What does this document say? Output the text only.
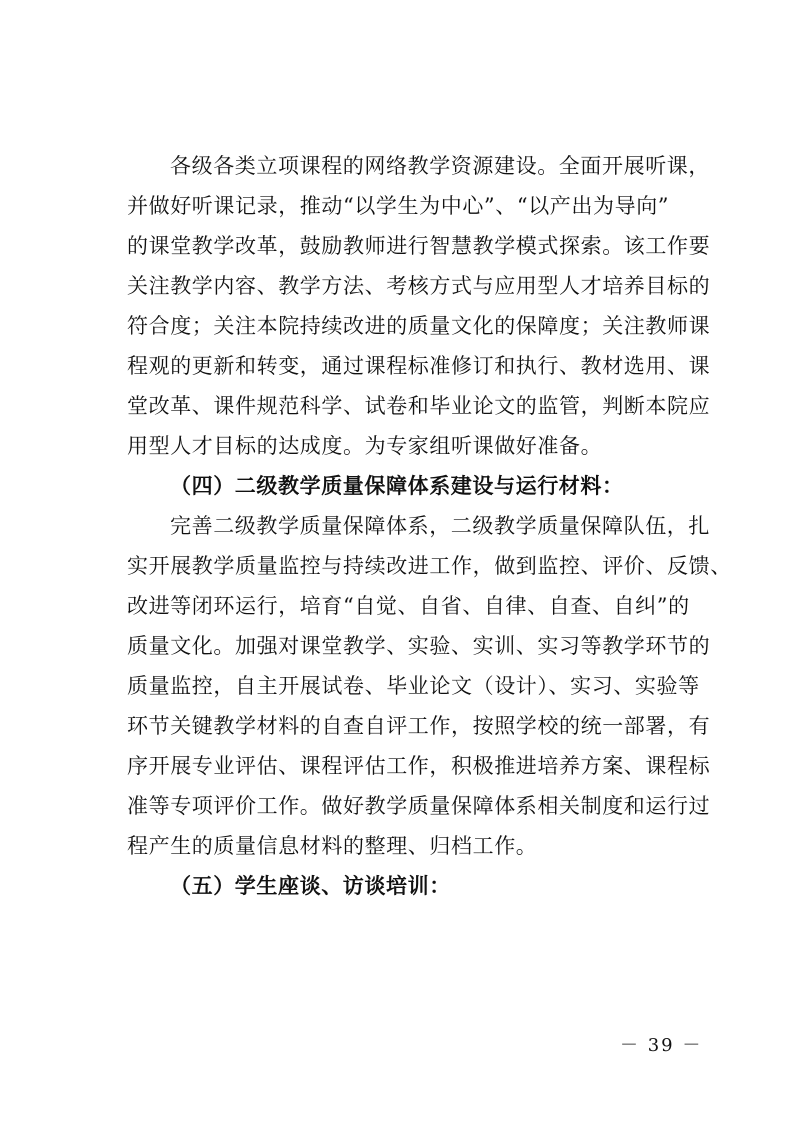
各级各类立项课程的网络教学资源建设。全面开展听课，
并做好听课记录，推动“以学生为中心”、“以产出为导向”
的课堂教学改革，鼓励教师进行智慧教学模式探索。该工作要
关注教学内容、教学方法、考核方式与应用型人才培养目标的
符合度；关注本院持续改进的质量文化的保障度；关注教师课
程观的更新和转变，通过课程标准修订和执行、教材选用、课
堂改革、课件规范科学、试卷和毕业论文的监管，判断本院应
用型人才目标的达成度。为专家组听课做好准备。
（四）二级教学质量保障体系建设与运行材料：
完善二级教学质量保障体系，二级教学质量保障队伍，扎
实开展教学质量监控与持续改进工作，做到监控、评价、反馈、
改进等闭环运行，培育“自觉、自省、自律、自查、自纠”的
质量文化。加强对课堂教学、实验、实训、实习等教学环节的
质量监控，自主开展试卷、毕业论文（设计）、实习、实验等
环节关键教学材料的自查自评工作，按照学校的统一部署，有
序开展专业评估、课程评估工作，积极推进培养方案、课程标
准等专项评价工作。做好教学质量保障体系相关制度和运行过
程产生的质量信息材料的整理、归档工作。
（五）学生座谈、访谈培训：
－ 39 －
